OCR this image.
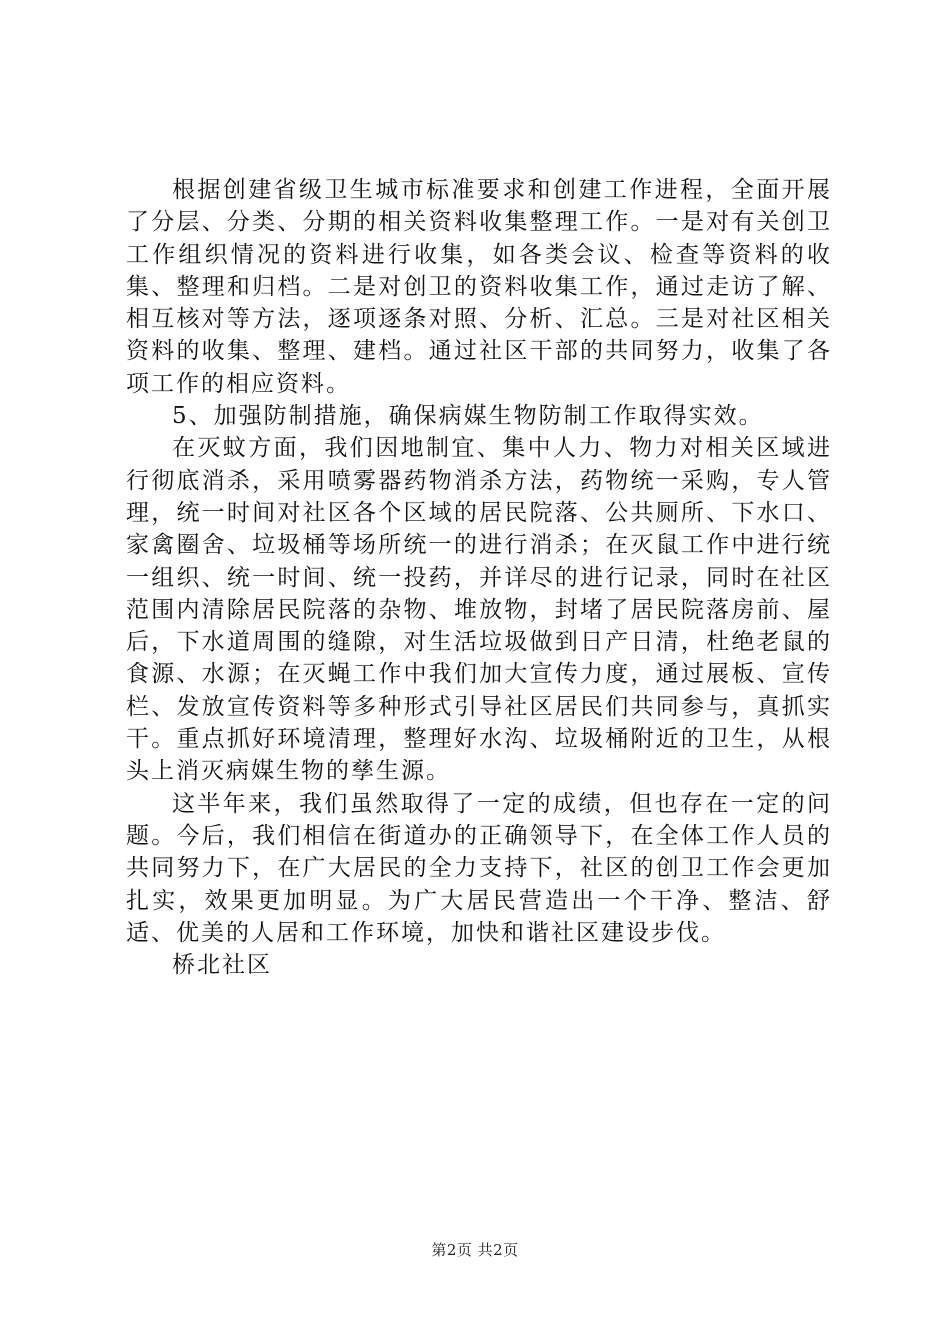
根据创建省级卫生城市标准要求和创建工作进程，全面开展了分层、分类、分期的相关资料收集整理工作。一是对有关创卫工作组织情况的资料进行收集，如各类会议、检查等资料的收集、整理和归档。二是对创卫的资料收集工作，通过走访了解、相互核对等方法，逐项逐条对照、分析、汇总。三是对社区相关资料的收集、整理、建档。通过社区干部的共同努力，收集了各项工作的相应资料。

5、加强防制措施，确保病媒生物防制工作取得实效。

在灭蚊方面，我们因地制宜、集中人力、物力对相关区域进行彻底消杀，采用喷雾器药物消杀方法，药物统一采购，专人管理，统一时间对社区各个区域的居民院落、公共厕所、下水口、家禽圈舍、垃圾桶等场所统一的进行消杀；在灭鼠工作中进行统一组织、统一时间、统一投药，并详尽的进行记录，同时在社区范围内清除居民院落的杂物、堆放物，封堵了居民院落房前、屋后，下水道周围的缝隙，对生活垃圾做到日产日清，杜绝老鼠的食源、水源；在灭蝇工作中我们加大宣传力度，通过展板、宣传栏、发放宣传资料等多种形式引导社区居民们共同参与，真抓实干。重点抓好环境清理，整理好水沟、垃圾桶附近的卫生，从根头上消灭病媒生物的孳生源。

这半年来，我们虽然取得了一定的成绩，但也存在一定的问题。今后，我们相信在街道办的正确领导下，在全体工作人员的共同努力下，在广大居民的全力支持下，社区的创卫工作会更加扎实，效果更加明显。为广大居民营造出一个干净、整洁、舒适、优美的人居和工作环境，加快和谐社区建设步伐。

桥北社区

第2页 共2页
